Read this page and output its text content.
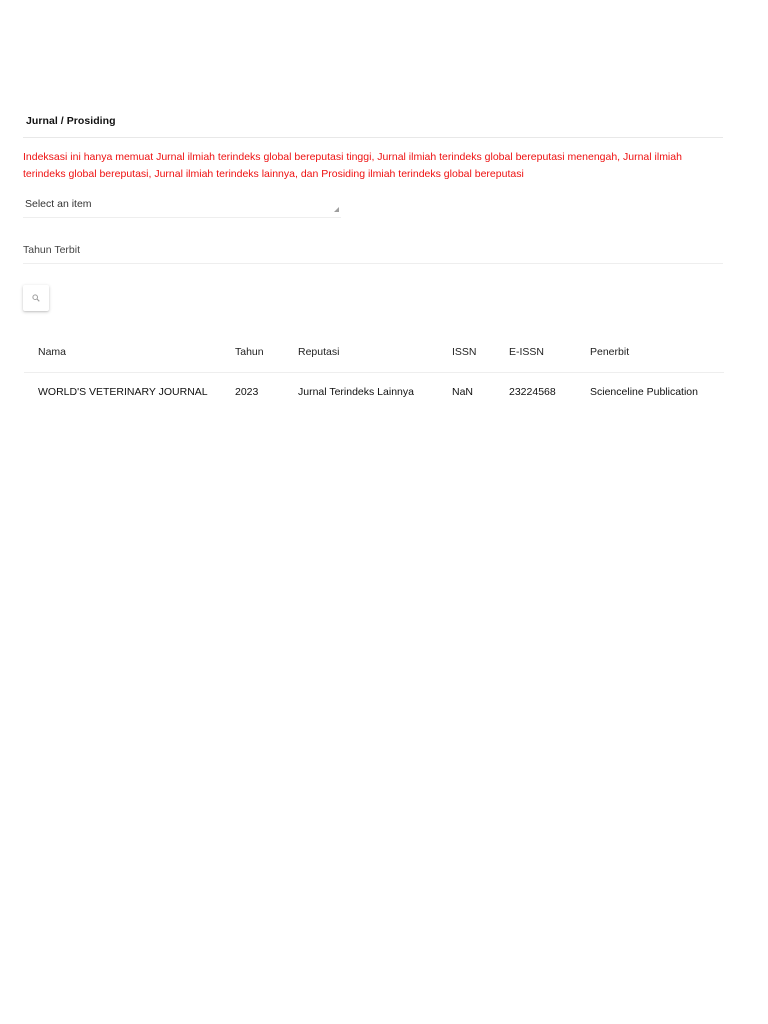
Jurnal / Prosiding
Indeksasi ini hanya memuat Jurnal ilmiah terindeks global bereputasi tinggi, Jurnal ilmiah terindeks global bereputasi menengah, Jurnal ilmiah terindeks global bereputasi, Jurnal ilmiah terindeks lainnya, dan Prosiding ilmiah terindeks global bereputasi
Select an item
Tahun Terbit
Nama	Tahun	Reputasi	ISSN	E-ISSN	Penerbit
WORLD'S VETERINARY JOURNAL	2023	Jurnal Terindeks Lainnya	NaN	23224568	Scienceline Publication
